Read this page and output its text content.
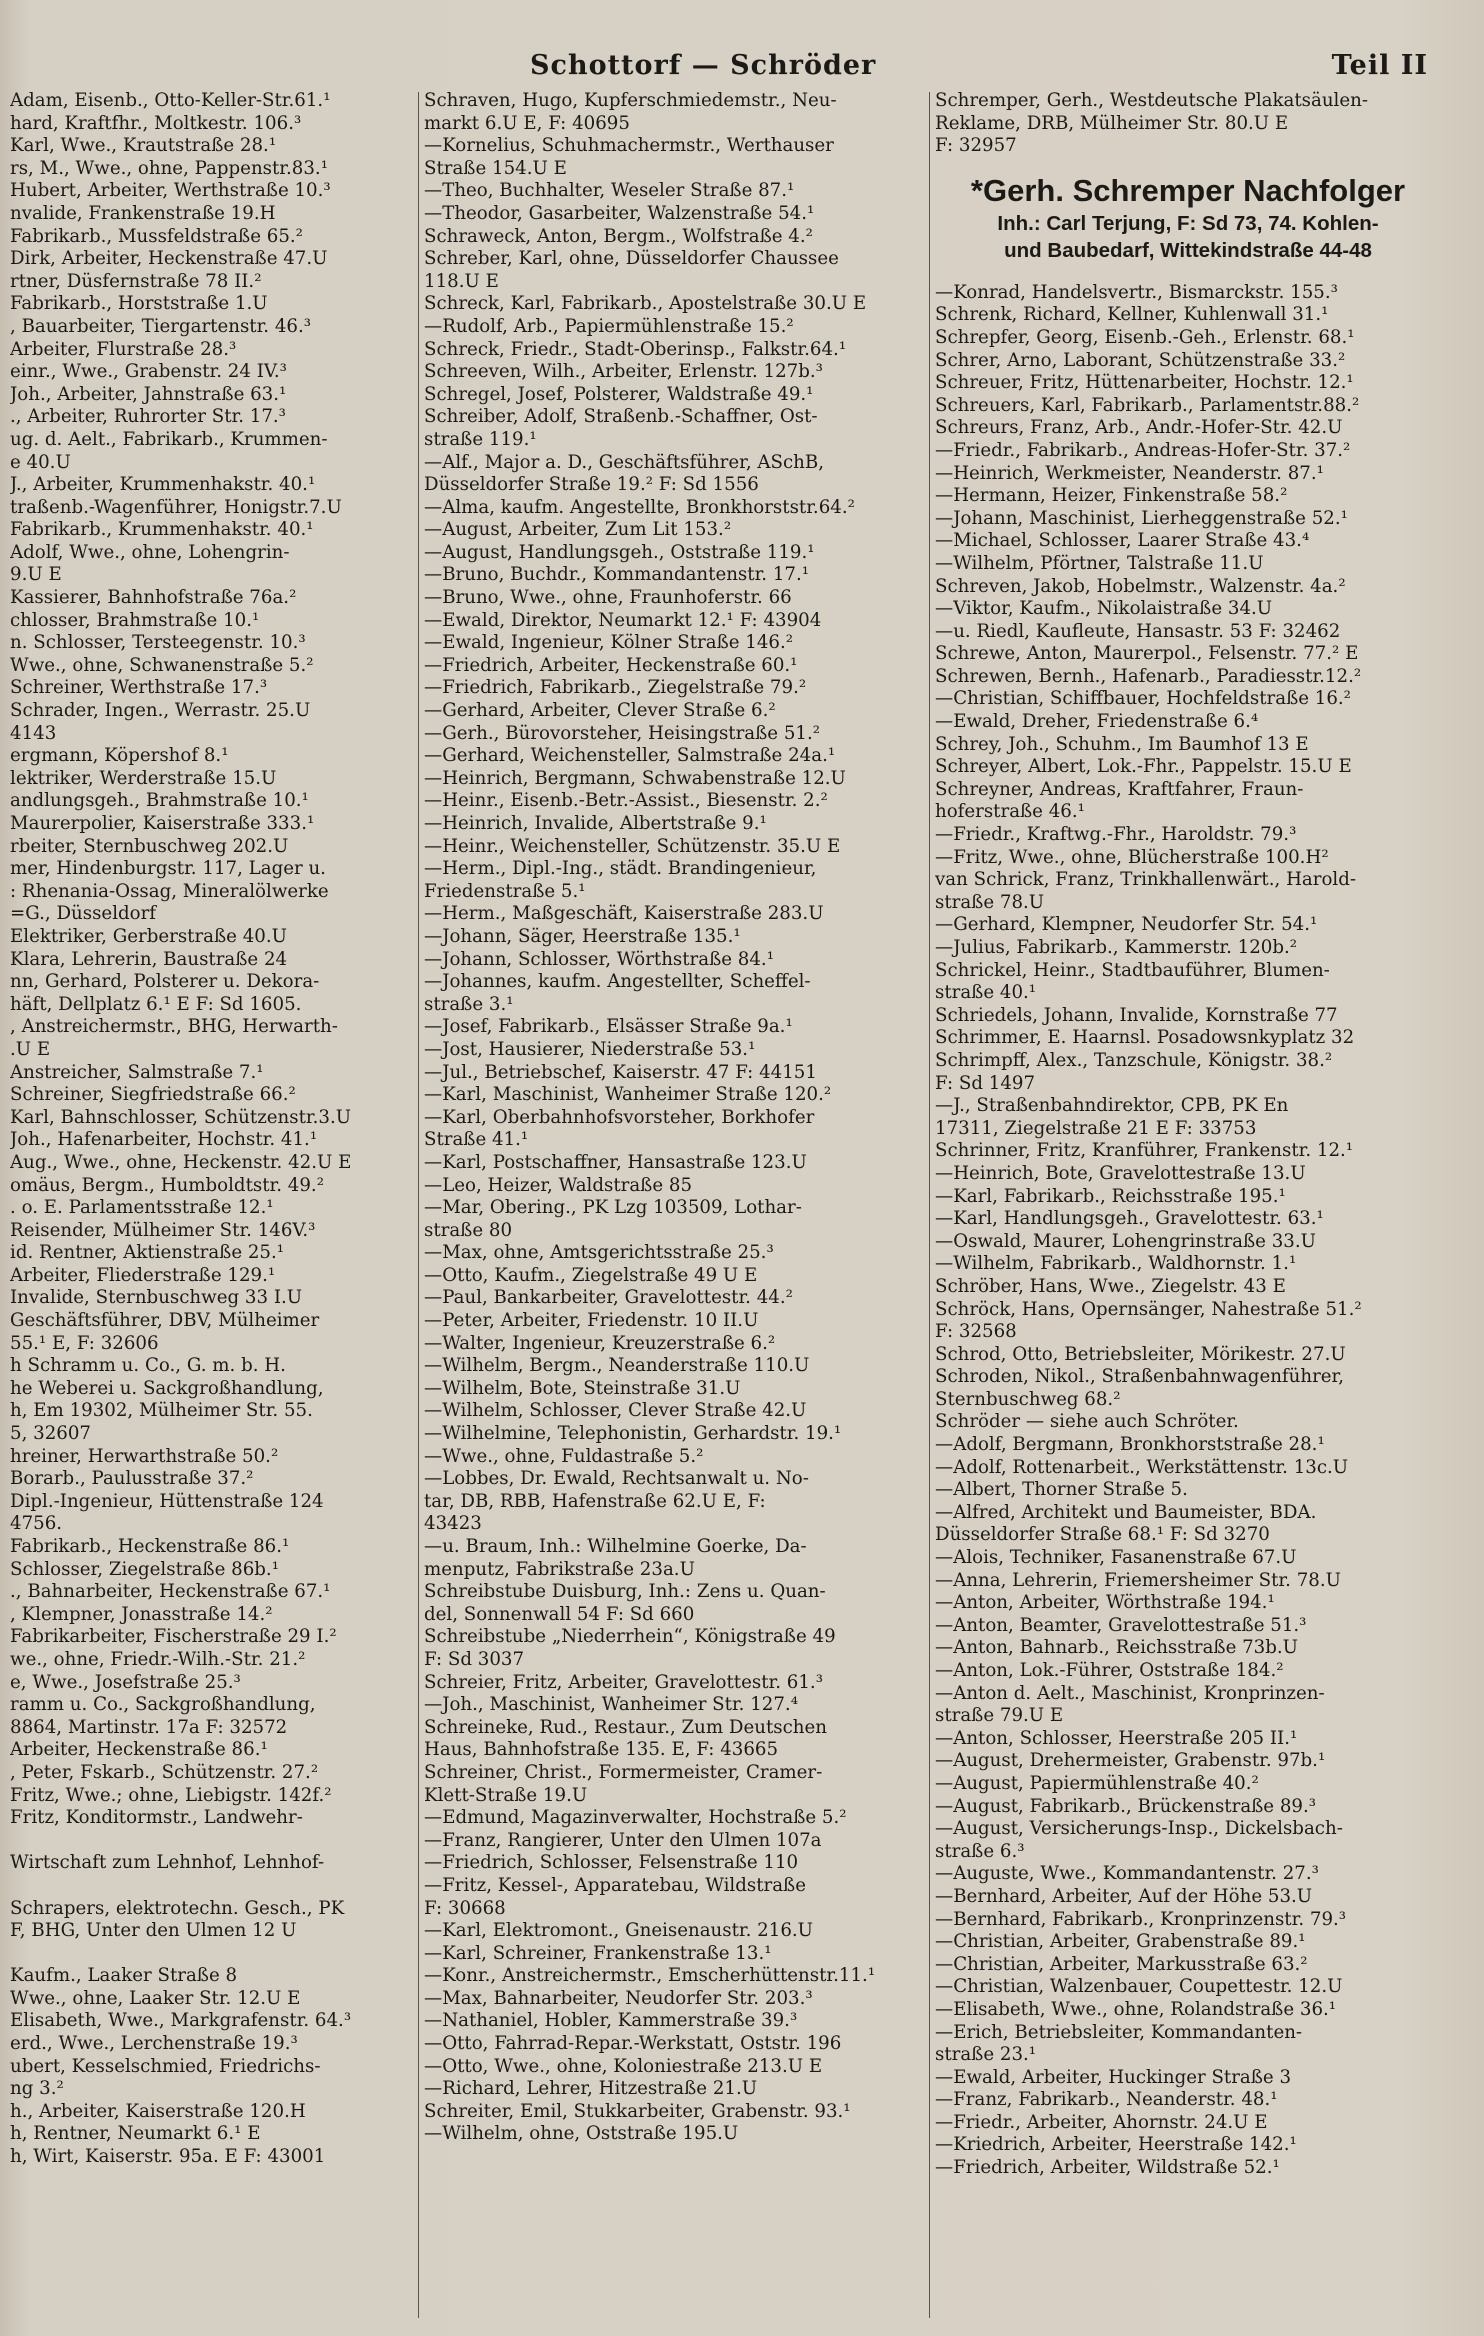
Schottorf — Schröder	Teil II
Adam, Eisenb., Otto-Keller-Str.61.¹
hard, Kraftfhr., Moltkestr. 106.³
Karl, Wwe., Krautstraße 28.¹
rs, M., Wwe., ohne, Pappenstr.83.¹
Hubert, Arbeiter, Werthstraße 10.³
nvalide, Frankenstraße 19.H
Fabrikarb., Mussfeldstraße 65.²
Dirk, Arbeiter, Heckenstraße 47.U
rtner, Düsfernstraße 78 II.²
Fabrikarb., Horststraße 1.U
, Bauarbeiter, Tiergartenstr. 46.³
Arbeiter, Flurstraße 28.³
einr., Wwe., Grabenstr. 24 IV.³
Joh., Arbeiter, Jahnstraße 63.¹
., Arbeiter, Ruhrorter Str. 17.³
ug. d. Aelt., Fabrikarb., Krummen-
e 40.U
J., Arbeiter, Krummenhakstr. 40.¹
traßenb.-Wagenführer, Honigstr.7.U
Fabrikarb., Krummenhakstr. 40.¹
Adolf, Wwe., ohne, Lohengrin-
9.U E
Kassierer, Bahnhofstraße 76a.²
chlosser, Brahmstraße 10.¹
n. Schlosser, Tersteegenstr. 10.³
Wwe., ohne, Schwanenstraße 5.²
Schreiner, Werthstraße 17.³
Schrader, Ingen., Werrastr. 25.U
4143
ergmann, Köpershof 8.¹
lektriker, Werderstraße 15.U
andlungsgeh., Brahmstraße 10.¹
Maurerpolier, Kaiserstraße 333.¹
rbeiter, Sternbuschweg 202.U
mer, Hindenburgstr. 117, Lager u.
: Rhenania-Ossag, Mineralölwerke
=G., Düsseldorf
Elektriker, Gerberstraße 40.U
Klara, Lehrerin, Baustraße 24
nn, Gerhard, Polsterer u. Dekora-
häft, Dellplatz 6.¹ E F: Sd 1605.
, Anstreichermstr., BHG, Herwarth-
.U E
Anstreicher, Salmstraße 7.¹
Schreiner, Siegfriedstraße 66.²
Karl, Bahnschlosser, Schützenstr.3.U
Joh., Hafenarbeiter, Hochstr. 41.¹
Aug., Wwe., ohne, Heckenstr. 42.U E
omäus, Bergm., Humboldtstr. 49.²
. o. E. Parlamentsstraße 12.¹
Reisender, Mülheimer Str. 146V.³
id. Rentner, Aktienstraße 25.¹
Arbeiter, Fliederstraße 129.¹
Invalide, Sternbuschweg 33 I.U
Geschäftsführer, DBV, Mülheimer
55.¹ E, F: 32606
h Schramm u. Co., G. m. b. H.
he Weberei u. Sackgroßhandlung,
h, Em 19302, Mülheimer Str. 55.
5, 32607
hreiner, Herwarthstraße 50.²
Borarb., Paulusstraße 37.²
Dipl.-Ingenieur, Hüttenstraße 124
4756.
Fabrikarb., Heckenstraße 86.¹
Schlosser, Ziegelstraße 86b.¹
., Bahnarbeiter, Heckenstraße 67.¹
, Klempner, Jonasstraße 14.²
Fabrikarbeiter, Fischerstraße 29 I.²
we., ohne, Friedr.-Wilh.-Str. 21.²
e, Wwe., Josefstraße 25.³
ramm u. Co., Sackgroßhandlung,
8864, Martinstr. 17a F: 32572
Arbeiter, Heckenstraße 86.¹
, Peter, Fskarb., Schützenstr. 27.²
Fritz, Wwe.; ohne, Liebigstr. 142f.²
Fritz, Konditormstr., Landwehr-
Wirtschaft zum Lehnhof, Lehnhof-
Schrapers, elektrotechn. Gesch., PK
F, BHG, Unter den Ulmen 12 U
Kaufm., Laaker Straße 8
Wwe., ohne, Laaker Str. 12.U E
Elisabeth, Wwe., Markgrafenstr. 64.³
erd., Wwe., Lerchenstraße 19.³
ubert, Kesselschmied, Friedrichs-
ng 3.²
h., Arbeiter, Kaiserstraße 120.H
h, Rentner, Neumarkt 6.¹ E
h, Wirt, Kaiserstr. 95a. E F: 43001
Schraven, Hugo, Kupferschmiedemstr., Neu-
markt 6.U E, F: 40695
—Kornelius, Schuhmachermstr., Werthauser
Straße 154.U E
—Theo, Buchhalter, Weseler Straße 87.¹
—Theodor, Gasarbeiter, Walzenstraße 54.¹
Schraweck, Anton, Bergm., Wolfstraße 4.²
Schreber, Karl, ohne, Düsseldorfer Chaussee
118.U E
Schreck, Karl, Fabrikarb., Apostelstraße 30.U E
—Rudolf, Arb., Papiermühlenstraße 15.²
Schreck, Friedr., Stadt-Oberinsp., Falkstr.64.¹
Schreeven, Wilh., Arbeiter, Erlenstr. 127b.³
Schregel, Josef, Polsterer, Waldstraße 49.¹
Schreiber, Adolf, Straßenb.-Schaffner, Ost-
straße 119.¹
—Alf., Major a. D., Geschäftsführer, ASchB,
Düsseldorfer Straße 19.² F: Sd 1556
—Alma, kaufm. Angestellte, Bronkhorststr.64.²
—August, Arbeiter, Zum Lit 153.²
—August, Handlungsgeh., Oststraße 119.¹
—Bruno, Buchdr., Kommandantenstr. 17.¹
—Bruno, Wwe., ohne, Fraunhoferstr. 66
—Ewald, Direktor, Neumarkt 12.¹ F: 43904
—Ewald, Ingenieur, Kölner Straße 146.²
—Friedrich, Arbeiter, Heckenstraße 60.¹
—Friedrich, Fabrikarb., Ziegelstraße 79.²
—Gerhard, Arbeiter, Clever Straße 6.²
—Gerh., Bürovorsteher, Heisingstraße 51.²
—Gerhard, Weichensteller, Salmstraße 24a.¹
—Heinrich, Bergmann, Schwabenstraße 12.U
—Heinr., Eisenb.-Betr.-Assist., Biesenstr. 2.²
—Heinrich, Invalide, Albertstraße 9.¹
—Heinr., Weichensteller, Schützenstr. 35.U E
—Herm., Dipl.-Ing., städt. Brandingenieur,
Friedenstraße 5.¹
—Herm., Maßgeschäft, Kaiserstraße 283.U
—Johann, Säger, Heerstraße 135.¹
—Johann, Schlosser, Wörthstraße 84.¹
—Johannes, kaufm. Angestellter, Scheffel-
straße 3.¹
—Josef, Fabrikarb., Elsässer Straße 9a.¹
—Jost, Hausierer, Niederstraße 53.¹
—Jul., Betriebschef, Kaiserstr. 47 F: 44151
—Karl, Maschinist, Wanheimer Straße 120.²
—Karl, Oberbahnhofsvorsteher, Borkhofer
Straße 41.¹
—Karl, Postschaffner, Hansastraße 123.U
—Leo, Heizer, Waldstraße 85
—Mar, Obering., PK Lzg 103509, Lothar-
straße 80
—Max, ohne, Amtsgerichtsstraße 25.³
—Otto, Kaufm., Ziegelstraße 49 U E
—Paul, Bankarbeiter, Gravelottestr. 44.²
—Peter, Arbeiter, Friedenstr. 10 II.U
—Walter, Ingenieur, Kreuzerstraße 6.²
—Wilhelm, Bergm., Neanderstraße 110.U
—Wilhelm, Bote, Steinstraße 31.U
—Wilhelm, Schlosser, Clever Straße 42.U
—Wilhelmine, Telephonistin, Gerhardstr. 19.¹
—Wwe., ohne, Fuldastraße 5.²
—Lobbes, Dr. Ewald, Rechtsanwalt u. No-
tar, DB, RBB, Hafenstraße 62.U E, F:
43423
—u. Braum, Inh.: Wilhelmine Goerke, Da-
menputz, Fabrikstraße 23a.U
Schreibstube Duisburg, Inh.: Zens u. Quan-
del, Sonnenwall 54 F: Sd 660
Schreibstube „Niederrhein“, Königstraße 49
F: Sd 3037
Schreier, Fritz, Arbeiter, Gravelottestr. 61.³
—Joh., Maschinist, Wanheimer Str. 127.⁴
Schreineke, Rud., Restaur., Zum Deutschen
Haus, Bahnhofstraße 135. E, F: 43665
Schreiner, Christ., Formermeister, Cramer-
Klett-Straße 19.U
—Edmund, Magazinverwalter, Hochstraße 5.²
—Franz, Rangierer, Unter den Ulmen 107a
—Friedrich, Schlosser, Felsenstraße 110
—Fritz, Kessel-, Apparatebau, Wildstraße
F: 30668
—Karl, Elektromont., Gneisenaustr. 216.U
—Karl, Schreiner, Frankenstraße 13.¹
—Konr., Anstreichermstr., Emscherhüttenstr.11.¹
—Max, Bahnarbeiter, Neudorfer Str. 203.³
—Nathaniel, Hobler, Kammerstraße 39.³
—Otto, Fahrrad-Repar.-Werkstatt, Oststr. 196
—Otto, Wwe., ohne, Koloniestraße 213.U E
—Richard, Lehrer, Hitzestraße 21.U
Schreiter, Emil, Stukkarbeiter, Grabenstr. 93.¹
—Wilhelm, ohne, Oststraße 195.U
Schremper, Gerh., Westdeutsche Plakatsäulen-
Reklame, DRB, Mülheimer Str. 80.U E
F: 32957
*Gerh. Schremper Nachfolger
Inh.: Carl Terjung, F: Sd 73, 74. Kohlen-
und Baubedarf, Wittekindstraße 44-48
—Konrad, Handelsvertr., Bismarckstr. 155.³
Schrenk, Richard, Kellner, Kuhlenwall 31.¹
Schrepfer, Georg, Eisenb.-Geh., Erlenstr. 68.¹
Schrer, Arno, Laborant, Schützenstraße 33.²
Schreuer, Fritz, Hüttenarbeiter, Hochstr. 12.¹
Schreuers, Karl, Fabrikarb., Parlamentstr.88.²
Schreurs, Franz, Arb., Andr.-Hofer-Str. 42.U
—Friedr., Fabrikarb., Andreas-Hofer-Str. 37.²
—Heinrich, Werkmeister, Neanderstr. 87.¹
—Hermann, Heizer, Finkenstraße 58.²
—Johann, Maschinist, Lierheggenstraße 52.¹
—Michael, Schlosser, Laarer Straße 43.⁴
—Wilhelm, Pförtner, Talstraße 11.U
Schreven, Jakob, Hobelmstr., Walzenstr. 4a.²
—Viktor, Kaufm., Nikolaistraße 34.U
—u. Riedl, Kaufleute, Hansastr. 53 F: 32462
Schrewe, Anton, Maurerpol., Felsenstr. 77.² E
Schrewen, Bernh., Hafenarb., Paradiesstr.12.²
—Christian, Schiffbauer, Hochfeldstraße 16.²
—Ewald, Dreher, Friedenstraße 6.⁴
Schrey, Joh., Schuhm., Im Baumhof 13 E
Schreyer, Albert, Lok.-Fhr., Pappelstr. 15.U E
Schreyner, Andreas, Kraftfahrer, Fraun-
hoferstraße 46.¹
—Friedr., Kraftwg.-Fhr., Haroldstr. 79.³
—Fritz, Wwe., ohne, Blücherstraße 100.H²
van Schrick, Franz, Trinkhallenwärt., Harold-
straße 78.U
—Gerhard, Klempner, Neudorfer Str. 54.¹
—Julius, Fabrikarb., Kammerstr. 120b.²
Schrickel, Heinr., Stadtbauführer, Blumen-
straße 40.¹
Schriedels, Johann, Invalide, Kornstraße 77
Schrimmer, E. Haarnsl. Posadowsnkyplatz 32
Schrimpff, Alex., Tanzschule, Königstr. 38.²
F: Sd 1497
—J., Straßenbahndirektor, CPB, PK En
17311, Ziegelstraße 21 E F: 33753
Schrinner, Fritz, Kranführer, Frankenstr. 12.¹
—Heinrich, Bote, Gravelottestraße 13.U
—Karl, Fabrikarb., Reichsstraße 195.¹
—Karl, Handlungsgeh., Gravelottestr. 63.¹
—Oswald, Maurer, Lohengrinstraße 33.U
—Wilhelm, Fabrikarb., Waldhornstr. 1.¹
Schröber, Hans, Wwe., Ziegelstr. 43 E
Schröck, Hans, Opernsänger, Nahestraße 51.²
F: 32568
Schrod, Otto, Betriebsleiter, Mörikestr. 27.U
Schroden, Nikol., Straßenbahnwagenführer,
Sternbuschweg 68.²
Schröder — siehe auch Schröter.
—Adolf, Bergmann, Bronkhorststraße 28.¹
—Adolf, Rottenarbeit., Werkstättenstr. 13c.U
—Albert, Thorner Straße 5.
—Alfred, Architekt und Baumeister, BDA.
Düsseldorfer Straße 68.¹ F: Sd 3270
—Alois, Techniker, Fasanenstraße 67.U
—Anna, Lehrerin, Friemersheimer Str. 78.U
—Anton, Arbeiter, Wörthstraße 194.¹
—Anton, Beamter, Gravelottestraße 51.³
—Anton, Bahnarb., Reichsstraße 73b.U
—Anton, Lok.-Führer, Oststraße 184.²
—Anton d. Aelt., Maschinist, Kronprinzen-
straße 79.U E
—Anton, Schlosser, Heerstraße 205 II.¹
—August, Drehermeister, Grabenstr. 97b.¹
—August, Papiermühlenstraße 40.²
—August, Fabrikarb., Brückenstraße 89.³
—August, Versicherungs-Insp., Dickelsbach-
straße 6.³
—Auguste, Wwe., Kommandantenstr. 27.³
—Bernhard, Arbeiter, Auf der Höhe 53.U
—Bernhard, Fabrikarb., Kronprinzenstr. 79.³
—Christian, Arbeiter, Grabenstraße 89.¹
—Christian, Arbeiter, Markusstraße 63.²
—Christian, Walzenbauer, Coupettestr. 12.U
—Elisabeth, Wwe., ohne, Rolandstraße 36.¹
—Erich, Betriebsleiter, Kommandanten-
straße 23.¹
—Ewald, Arbeiter, Huckinger Straße 3
—Franz, Fabrikarb., Neanderstr. 48.¹
—Friedr., Arbeiter, Ahornstr. 24.U E
—Kriedrich, Arbeiter, Heerstraße 142.¹
—Friedrich, Arbeiter, Wildstraße 52.¹
